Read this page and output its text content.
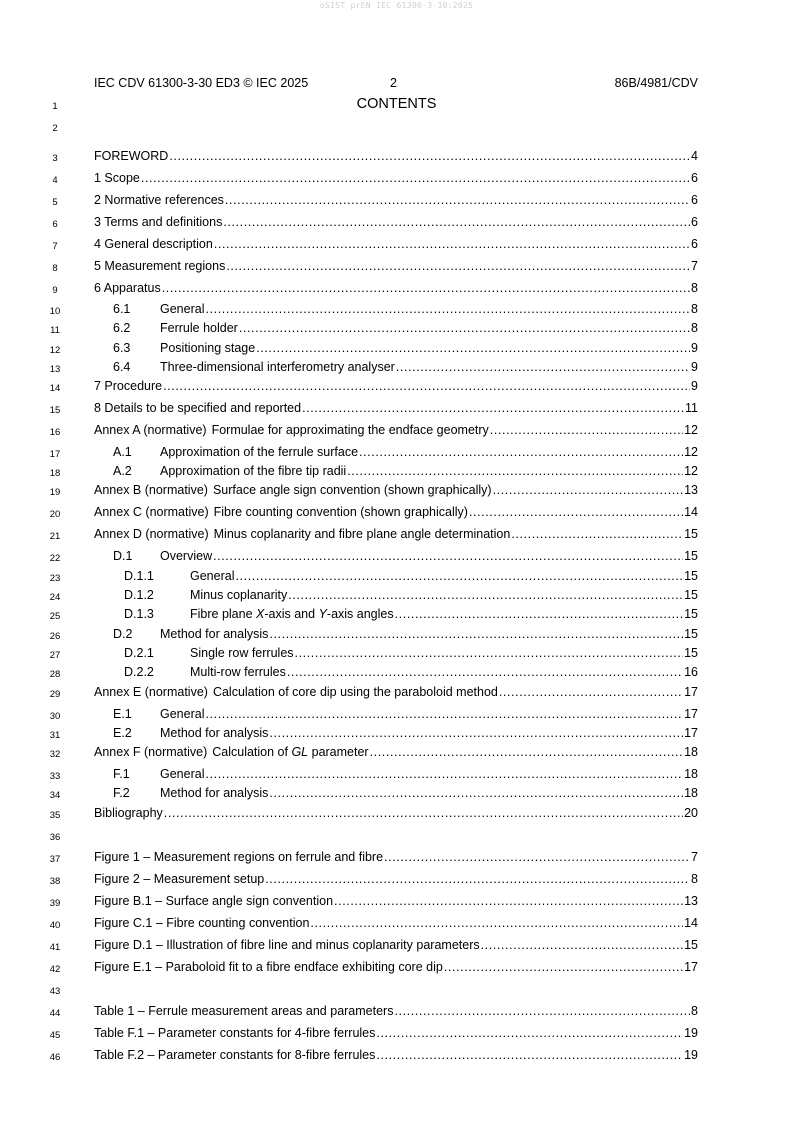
oSIST prEN IEC 61300-3-30:2025
IEC CDV 61300-3-30 ED3 © IEC 2025	2	86B/4981/CDV
CONTENTS
1
2
3
4
5
6
7
8
9
10
11
12
13
14
15
16
17
18
19
20
21
22
23
24
25
26
27
28
29
30
31
32
33
34
35
36
37
38
39
40
41
42
43
44
45
46
FOREWORD .....	4
1 Scope .....	6
2 Normative references .....	6
3 Terms and definitions .....	6
4 General description .....	6
5 Measurement regions .....	7
6 Apparatus .....	8
6.1	General .....	8
6.2	Ferrule holder .....	8
6.3	Positioning stage .....	9
6.4	Three-dimensional interferometry analyser .....	9
7 Procedure .....	9
8 Details to be specified and reported .....	11
Annex A (normative) Formulae for approximating the endface geometry .....	12
A.1	Approximation of the ferrule surface .....	12
A.2	Approximation of the fibre tip radii .....	12
Annex B (normative) Surface angle sign convention (shown graphically) .....	13
Annex C (normative) Fibre counting convention (shown graphically) .....	14
Annex D (normative) Minus coplanarity and fibre plane angle determination .....	15
D.1	Overview .....	15
D.1.1	General .....	15
D.1.2	Minus coplanarity .....	15
D.1.3	Fibre plane X-axis and Y-axis angles .....	15
D.2	Method for analysis .....	15
D.2.1	Single row ferrules .....	15
D.2.2	Multi-row ferrules .....	16
Annex E (normative) Calculation of core dip using the paraboloid method .....	17
E.1	General .....	17
E.2	Method for analysis .....	17
Annex F (normative) Calculation of GL parameter .....	18
F.1	General .....	18
F.2	Method for analysis .....	18
Bibliography .....	20
Figure 1 – Measurement regions on ferrule and fibre .....	7
Figure 2 – Measurement setup .....	8
Figure B.1 – Surface angle sign convention .....	13
Figure C.1 – Fibre counting convention .....	14
Figure D.1 – Illustration of fibre line and minus coplanarity parameters .....	15
Figure E.1 – Paraboloid fit to a fibre endface exhibiting core dip .....	17
Table 1 – Ferrule measurement areas and parameters .....	8
Table F.1 – Parameter constants for 4-fibre ferrules .....	19
Table F.2 – Parameter constants for 8-fibre ferrules .....	19
